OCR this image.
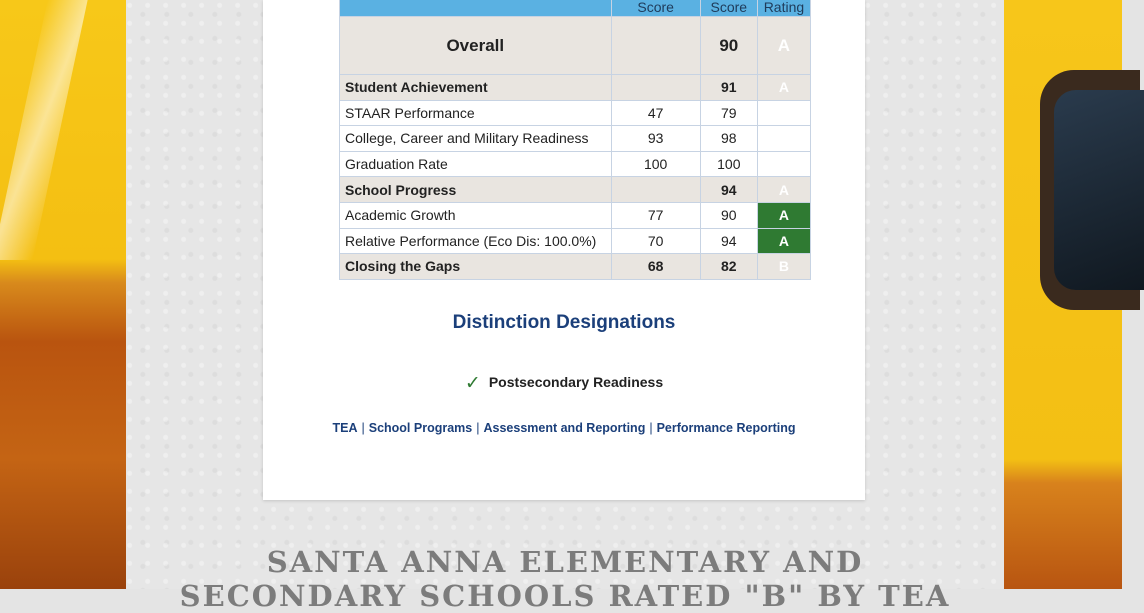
	Score	Score	Rating
Overall		90	A
Student Achievement		91	A
STAAR Performance	47	79	
College, Career and Military Readiness	93	98	
Graduation Rate	100	100	
School Progress		94	A
Academic Growth	77	90	A
Relative Performance (Eco Dis: 100.0%)	70	94	A
Closing the Gaps	68	82	B
Distinction Designations
✓ Postsecondary Readiness
TEA | School Programs | Assessment and Reporting | Performance Reporting
SANTA ANNA ELEMENTARY AND
SECONDARY SCHOOLS RATED "B" BY TEA
